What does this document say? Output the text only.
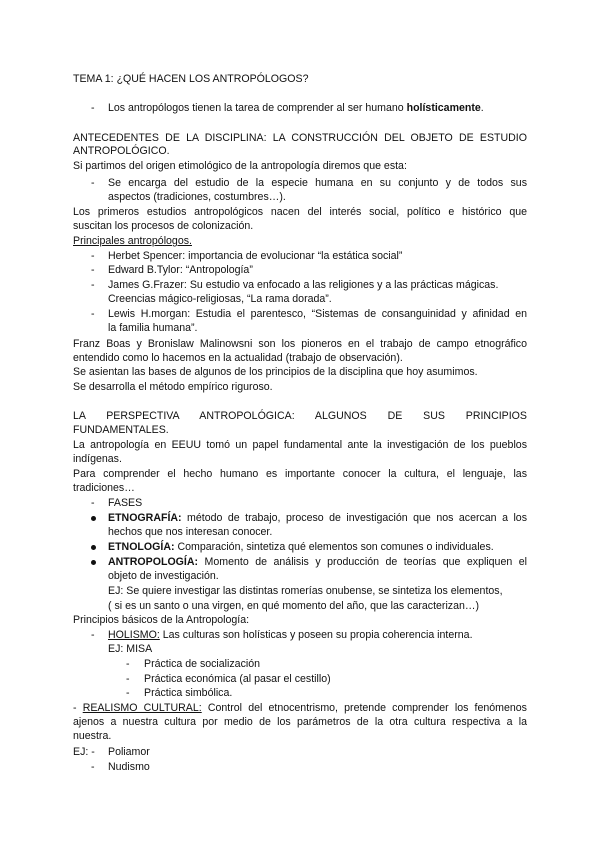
TEMA 1: ¿QUÉ HACEN LOS ANTROPÓLOGOS?
- Los antropólogos tienen la tarea de comprender al ser humano holísticamente.
ANTECEDENTES DE LA DISCIPLINA: LA CONSTRUCCIÓN DEL OBJETO DE ESTUDIO
ANTROPOLÓGICO.
Si partimos del origen etimológico de la antropología diremos que esta:
- Se encarga del estudio de la especie humana en su conjunto y de todos sus
aspectos (tradiciones, costumbres…).
Los primeros estudios antropológicos nacen del interés social, político e histórico que
suscitan los procesos de colonización.
Principales antropólogos.
- Herbet Spencer: importancia de evolucionar “la estática social”
- Edward B.Tylor: “Antropología”
- James G.Frazer: Su estudio va enfocado a las religiones y a las prácticas mágicas.
Creencias mágico-religiosas, “La rama dorada”.
- Lewis H.morgan: Estudia el parentesco, “Sistemas de consanguinidad y afinidad en
la familia humana”.
Franz Boas y Bronislaw Malinowsni son los pioneros en el trabajo de campo etnográfico
entendido como lo hacemos en la actualidad (trabajo de observación).
Se asientan las bases de algunos de los principios de la disciplina que hoy asumimos.
Se desarrolla el método empírico riguroso.
LA PERSPECTIVA ANTROPOLÓGICA: ALGUNOS DE SUS PRINCIPIOS
FUNDAMENTALES.
La antropología en EEUU tomó un papel fundamental ante la investigación de los pueblos
indígenas.
Para comprender el hecho humano es importante conocer la cultura, el lenguaje, las
tradiciones…
- FASES
ETNOGRAFÍA: método de trabajo, proceso de investigación que nos acercan a los
hechos que nos interesan conocer.
ETNOLOGÍA: Comparación, sintetiza qué elementos son comunes o individuales.
ANTROPOLOGÍA: Momento de análisis y producción de teorías que expliquen el
objeto de investigación.
EJ: Se quiere investigar las distintas romerías onubense, se sintetiza los elementos,
( si es un santo o una virgen, en qué momento del año, que las caracterizan…)
Principios básicos de la Antropología:
- HOLISMO: Las culturas son holísticas y poseen su propia coherencia interna.
EJ: MISA
- Práctica de socialización
- Práctica económica (al pasar el cestillo)
- Práctica simbólica.
- REALISMO CULTURAL: Control del etnocentrismo, pretende comprender los fenómenos
ajenos a nuestra cultura por medio de los parámetros de la otra cultura respectiva a la
nuestra.
EJ: - Poliamor
- Nudismo
